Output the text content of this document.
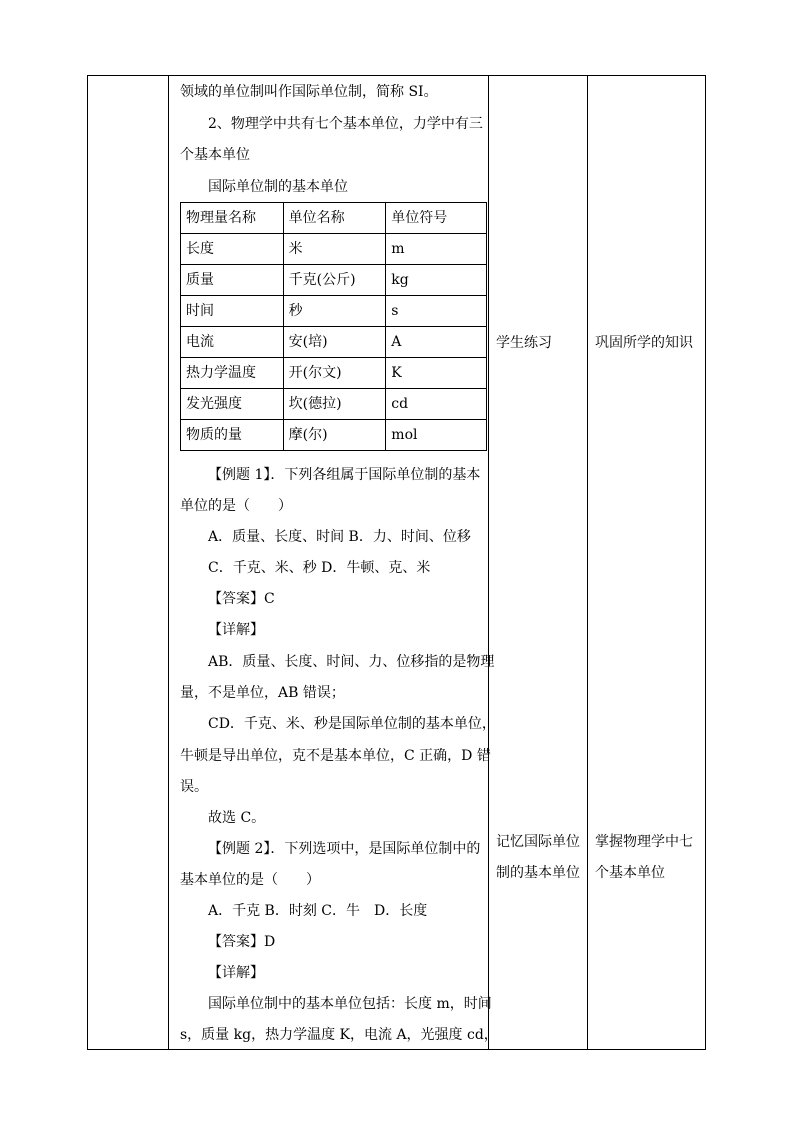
领域的单位制叫作国际单位制，简称 SI。
2、物理学中共有七个基本单位，力学中有三
个基本单位
国际单位制的基本单位
物理量名称	单位名称	单位符号
长度	米	m
质量	千克(公斤)	kg
时间	秒	s
电流	安(培)	A
热力学温度	开(尔文)	K
发光强度	坎(德拉)	cd
物质的量	摩(尔)	mol
【例题 1】．下列各组属于国际单位制的基本
单位的是（　　）
A．质量、长度、时间 B．力、时间、位移
C．千克、米、秒 D．牛顿、克、米
【答案】C
【详解】
AB．质量、长度、时间、力、位移指的是物理
量，不是单位，AB 错误；
CD．千克、米、秒是国际单位制的基本单位，
牛顿是导出单位，克不是基本单位，C 正确，D 错
误。
故选 C。
【例题 2】．下列选项中，是国际单位制中的
基本单位的是（　　）
A．千克 B．时刻 C．牛　D．长度
【答案】D
【详解】
国际单位制中的基本单位包括：长度 m，时间
s，质量 kg，热力学温度 K，电流 A，光强度 cd，
学生练习
记忆国际单位
制的基本单位
巩固所学的知识
掌握物理学中七
个基本单位
